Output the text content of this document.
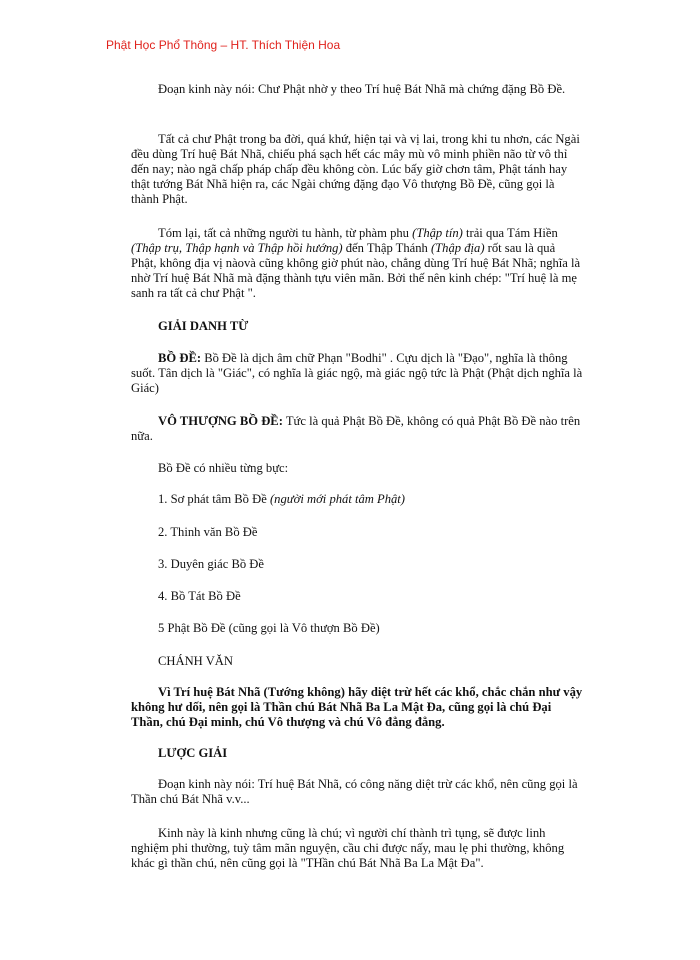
Phật Học Phổ Thông – HT. Thích Thiện Hoa

Đoạn kinh này nói: Chư Phật nhờ y theo Trí huệ Bát Nhã mà chứng đặng Bồ Đề.

Tất cả chư Phật trong ba đời, quá khứ, hiện tại và vị lai, trong khi tu nhơn, các Ngài đều dùng Trí huệ Bát Nhã, chiếu phá sạch hết các mây mù vô minh phiền não từ vô thỉ đến nay; nào ngã chấp pháp chấp đều không còn. Lúc bấy giờ chơn tâm, Phật tánh hay thật tướng Bát Nhã hiện ra, các Ngài chứng đặng đạo Vô thượng Bồ Đề, cũng gọi là thành Phật.

Tóm lại, tất cả những người tu hành, từ phàm phu (Thập tín) trải qua Tám Hiền (Thập trụ, Thập hạnh và Thập hồi hướng) đến Thập Thánh (Thập địa) rốt sau là quả Phật, không địa vị nàovà cũng không giờ phút nào, chẳng dùng Trí huệ Bát Nhã; nghĩa là nhờ Trí huệ Bát Nhã mà đặng thành tựu viên mãn. Bởi thế nên kinh chép: "Trí huệ là mẹ sanh ra tất cả chư Phật ".

GIẢI DANH TỪ

BỒ ĐỀ: Bồ Đề là dịch âm chữ Phạn "Bodhi" . Cựu dịch là "Đạo", nghĩa là thông suốt. Tân dịch là "Giác", có nghĩa là giác ngộ, mà giác ngộ tức là Phật (Phật dịch nghĩa là Giác)

VÔ THƯỢNG BỒ ĐỀ: Tức là quả Phật Bồ Đề, không có quả Phật Bồ Đề nào trên nữa.

Bồ Đề có nhiều từng bực:
1. Sơ phát tâm Bồ Đề (người mới phát tâm Phật)
2. Thinh văn Bồ Đề
3. Duyên giác Bồ Đề
4. Bồ Tát Bồ Đề
5 Phật Bồ Đề (cũng gọi là Vô thượn Bồ Đề)
CHÁNH VĂN

Vì Trí huệ Bát Nhã (Tướng không) hãy diệt trừ hết các khổ, chắc chắn như vậy không hư dối, nên gọi là Thần chú Bát Nhã Ba La Mật Đa, cũng gọi là chú Đại Thần, chú Đại minh, chú Vô thượng và chú Vô đẳng đẳng.

LƯỢC GIẢI

Đoạn kinh này nói: Trí huệ Bát Nhã, có công năng diệt trừ các khổ, nên cũng gọi là Thần chú Bát Nhã v.v...

Kinh này là kinh nhưng cũng là chú; vì người chí thành trì tụng, sẽ được linh nghiệm phi thường, tuỳ tâm mãn nguyện, cầu chi được nấy, mau lẹ phi thường, không khác gì thần chú, nên cũng gọi là "THần chú Bát Nhã Ba La Mật Đa".
